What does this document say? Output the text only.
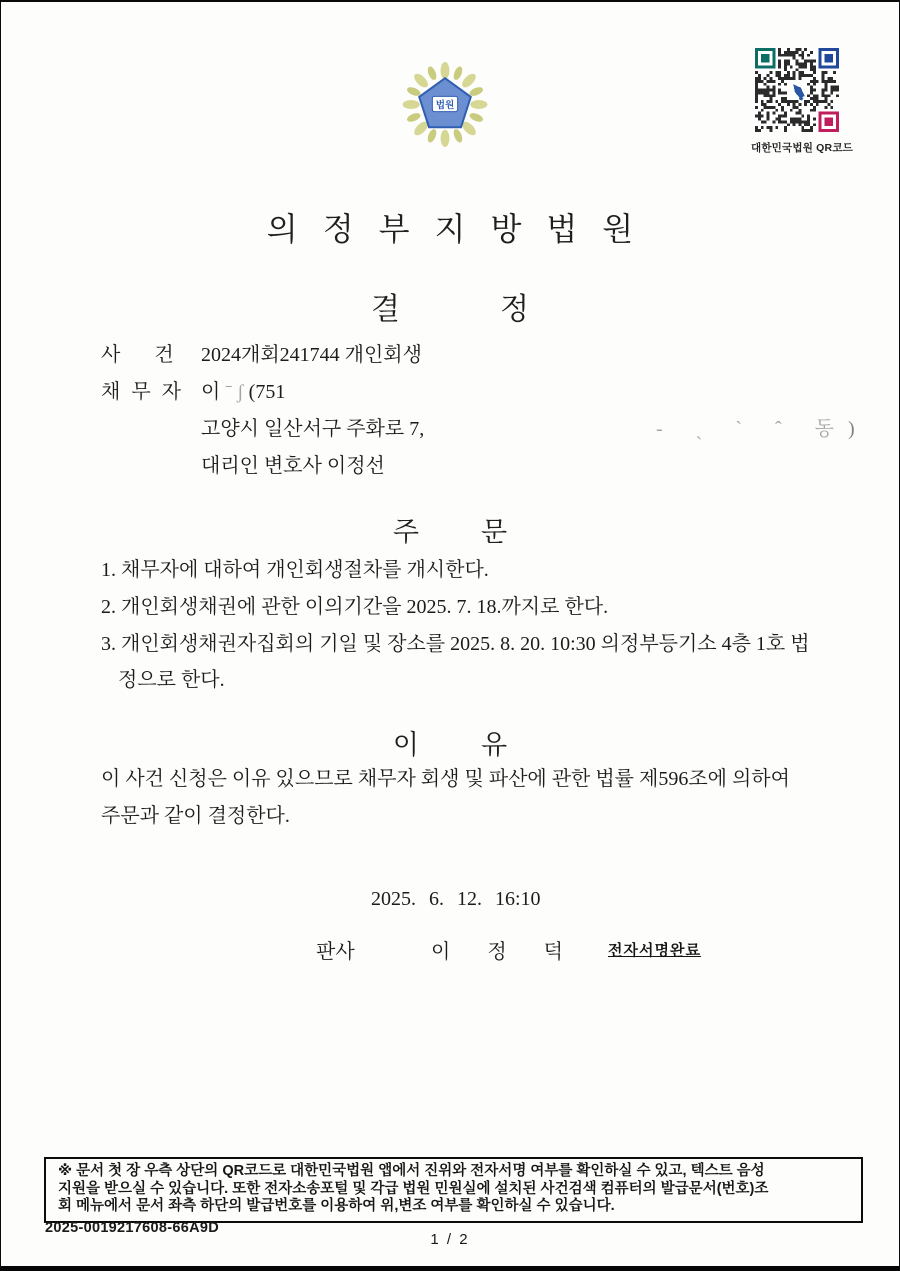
법원
대한민국법원 QR코드
의정부지방법원
결정
사건
2024개회241744 개인회생
채무자 이 ˉ ʃ (751
고양시 일산서구 주화로 7,	- ˎ ` ˆ 동)
대리인 변호사 이정선
주문
1. 채무자에 대하여 개인회생절차를 개시한다.
2. 개인회생채권에 관한 이의기간을 2025. 7. 18.까지로 한다.
3. 개인회생채권자집회의 기일 및 장소를 2025. 8. 20. 10:30 의정부등기소 4층 1호 법
정으로 한다.
이유
이 사건 신청은 이유 있으므로 채무자 회생 및 파산에 관한 법률 제596조에 의하여
주문과 같이 결정한다.
2025. 6. 12. 16:10
판사	이정덕 전자서명완료
※ 문서 첫 장 우측 상단의 QR코드로 대한민국법원 앱에서 진위와 전자서명 여부를 확인하실 수 있고, 텍스트 음성
지원을 받으실 수 있습니다. 또한 전자소송포털 및 각급 법원 민원실에 설치된 사건검색 컴퓨터의 발급문서(번호)조
회 메뉴에서 문서 좌측 하단의 발급번호를 이용하여 위,변조 여부를 확인하실 수 있습니다.
2025-0019217608-66A9D
1 / 2
